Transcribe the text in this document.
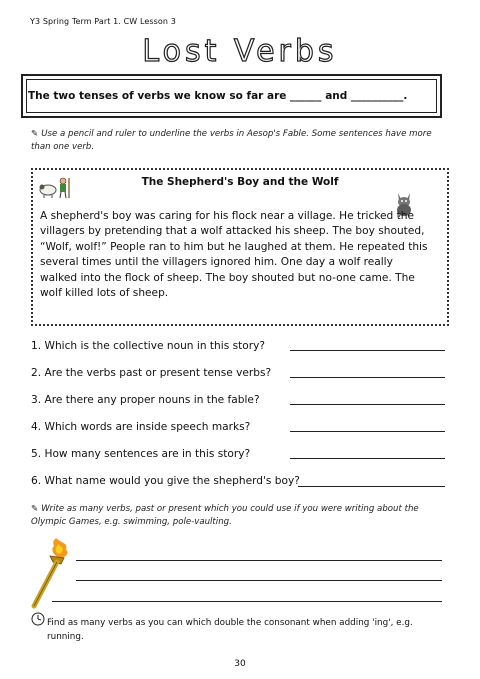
Y3 Spring Term Part 1. CW Lesson 3
Lost Verbs
The two tenses of verbs we know so far are ______ and __________.
✎ Use a pencil and ruler to underline the verbs in Aesop's Fable. Some sentences have more than one verb.
The Shepherd's Boy and the Wolf
A shepherd's boy was caring for his flock near a village. He tricked the villagers by pretending that a wolf attacked his sheep. The boy shouted, “Wolf, wolf!” People ran to him but he laughed at them. He repeated this several times until the villagers ignored him. One day a wolf really walked into the flock of sheep. The boy shouted but no-one came. The wolf killed lots of sheep.
1. Which is the collective noun in this story?
2. Are the verbs past or present tense verbs?
3. Are there any proper nouns in the fable?
4. Which words are inside speech marks?
5. How many sentences are in this story?
6. What name would you give the shepherd's boy?
✎ Write as many verbs, past or present which you could use if you were writing about the Olympic Games, e.g. swimming, pole-vaulting.
Find as many verbs as you can which double the consonant when adding 'ing', e.g. running.
30
